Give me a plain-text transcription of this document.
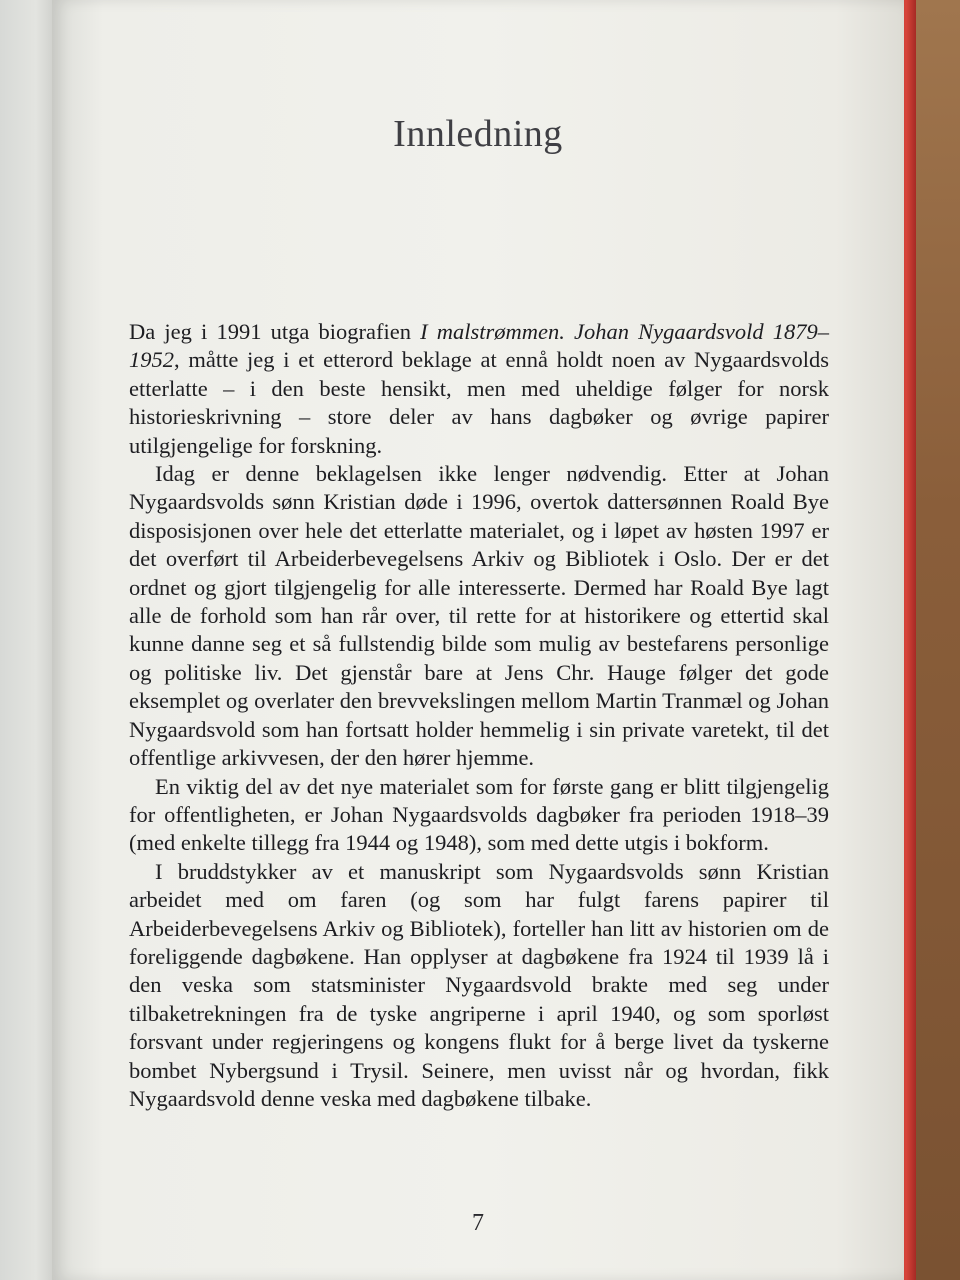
Innledning

Da jeg i 1991 utga biografien I malstrømmen. Johan Nygaardsvold 1879–1952, måtte jeg i et etterord beklage at ennå holdt noen av Nygaardsvolds etterlatte – i den beste hensikt, men med uheldige følger for norsk historieskrivning – store deler av hans dagbøker og øvrige papirer utilgjengelige for forskning.

Idag er denne beklagelsen ikke lenger nødvendig. Etter at Johan Nygaardsvolds sønn Kristian døde i 1996, overtok dattersønnen Roald Bye disposisjonen over hele det etterlatte materialet, og i løpet av høsten 1997 er det overført til Arbeiderbevegelsens Arkiv og Bibliotek i Oslo. Der er det ordnet og gjort tilgjengelig for alle interesserte. Dermed har Roald Bye lagt alle de forhold som han rår over, til rette for at historikere og ettertid skal kunne danne seg et så fullstendig bilde som mulig av bestefarens personlige og politiske liv. Det gjenstår bare at Jens Chr. Hauge følger det gode eksemplet og overlater den brevvekslingen mellom Martin Tranmæl og Johan Nygaardsvold som han fortsatt holder hemmelig i sin private varetekt, til det offentlige arkivvesen, der den hører hjemme.

En viktig del av det nye materialet som for første gang er blitt tilgjengelig for offentligheten, er Johan Nygaardsvolds dagbøker fra perioden 1918–39 (med enkelte tillegg fra 1944 og 1948), som med dette utgis i bokform.

I bruddstykker av et manuskript som Nygaardsvolds sønn Kristian arbeidet med om faren (og som har fulgt farens papirer til Arbeiderbevegelsens Arkiv og Bibliotek), forteller han litt av historien om de foreliggende dagbøkene. Han opplyser at dagbøkene fra 1924 til 1939 lå i den veska som statsminister Nygaardsvold brakte med seg under tilbaketrekningen fra de tyske angriperne i april 1940, og som sporløst forsvant under regjeringens og kongens flukt for å berge livet da tyskerne bombet Nybergsund i Trysil. Seinere, men uvisst når og hvordan, fikk Nygaardsvold denne veska med dagbøkene tilbake.

7
